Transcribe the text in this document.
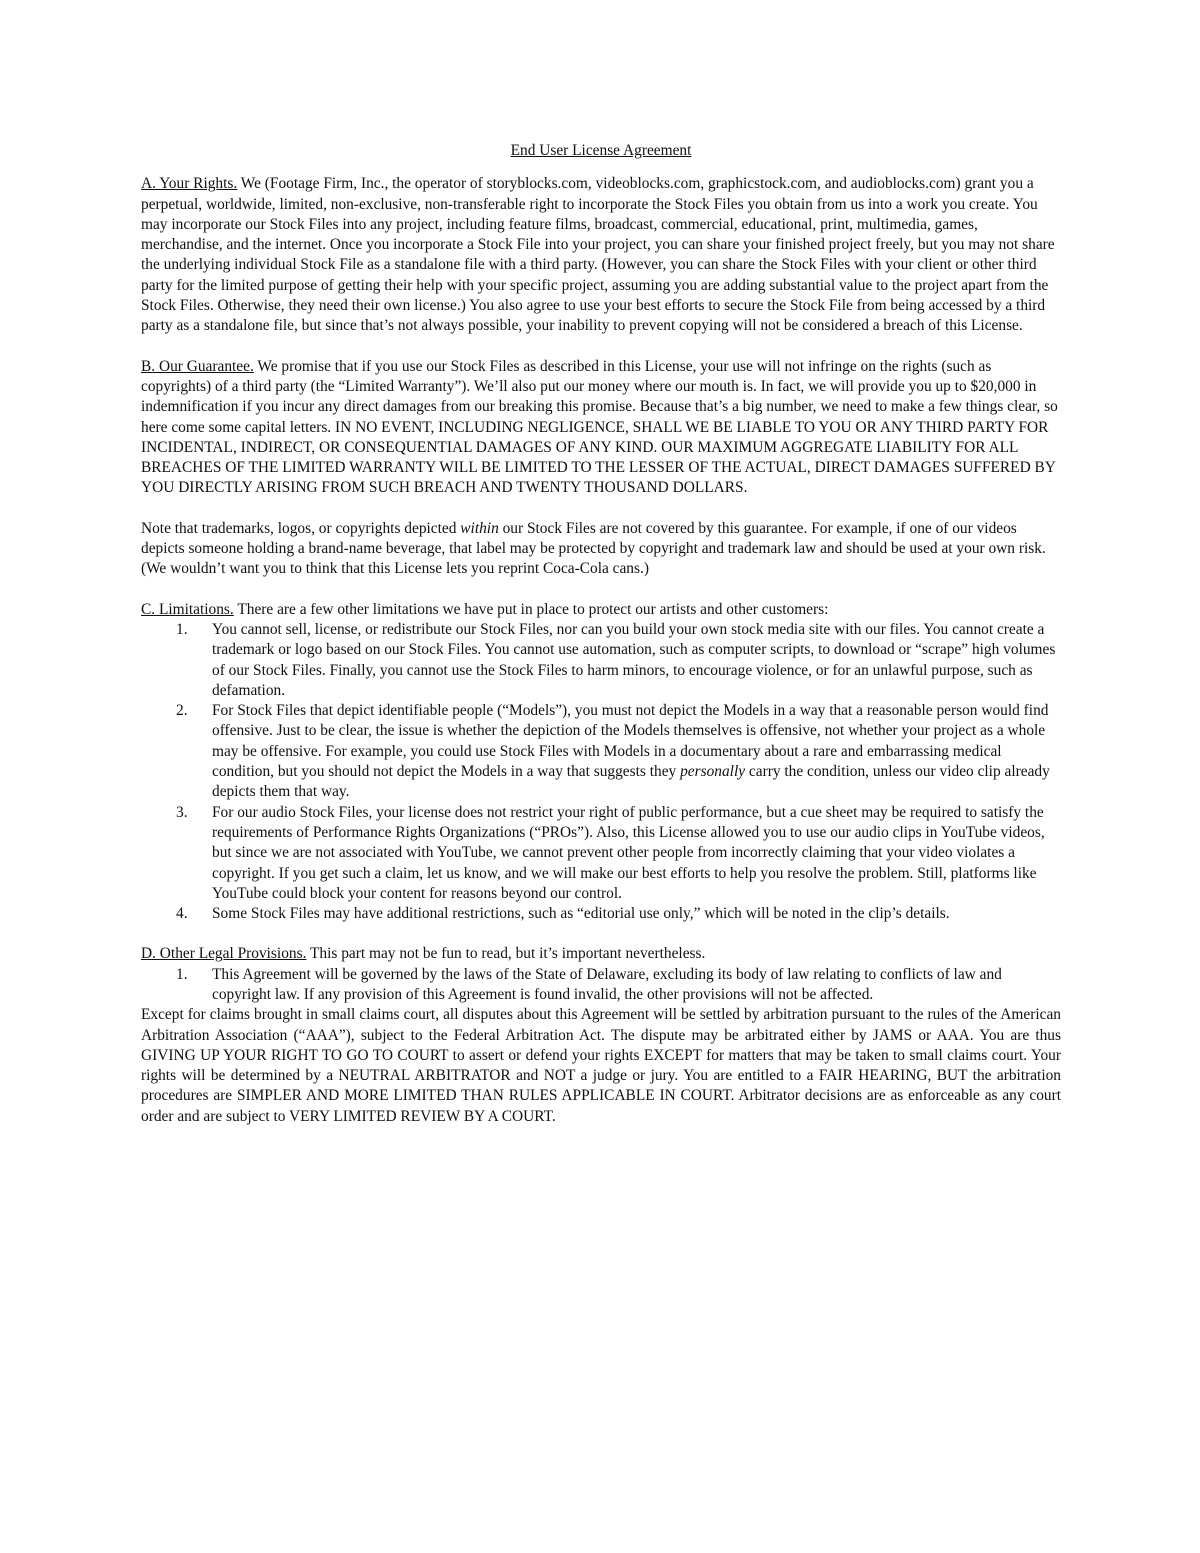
End User License Agreement

A. Your Rights. We (Footage Firm, Inc., the operator of storyblocks.com, videoblocks.com, graphicstock.com, and audioblocks.com) grant you a perpetual, worldwide, limited, non-exclusive, non-transferable right to incorporate the Stock Files you obtain from us into a work you create. You may incorporate our Stock Files into any project, including feature films, broadcast, commercial, educational, print, multimedia, games, merchandise, and the internet. Once you incorporate a Stock File into your project, you can share your finished project freely, but you may not share the underlying individual Stock File as a standalone file with a third party. (However, you can share the Stock Files with your client or other third party for the limited purpose of getting their help with your specific project, assuming you are adding substantial value to the project apart from the Stock Files. Otherwise, they need their own license.) You also agree to use your best efforts to secure the Stock File from being accessed by a third party as a standalone file, but since that’s not always possible, your inability to prevent copying will not be considered a breach of this License.

B. Our Guarantee. We promise that if you use our Stock Files as described in this License, your use will not infringe on the rights (such as copyrights) of a third party (the “Limited Warranty”). We’ll also put our money where our mouth is. In fact, we will provide you up to $20,000 in indemnification if you incur any direct damages from our breaking this promise. Because that’s a big number, we need to make a few things clear, so here come some capital letters. IN NO EVENT, INCLUDING NEGLIGENCE, SHALL WE BE LIABLE TO YOU OR ANY THIRD PARTY FOR INCIDENTAL, INDIRECT, OR CONSEQUENTIAL DAMAGES OF ANY KIND. OUR MAXIMUM AGGREGATE LIABILITY FOR ALL BREACHES OF THE LIMITED WARRANTY WILL BE LIMITED TO THE LESSER OF THE ACTUAL, DIRECT DAMAGES SUFFERED BY YOU DIRECTLY ARISING FROM SUCH BREACH AND TWENTY THOUSAND DOLLARS.

Note that trademarks, logos, or copyrights depicted within our Stock Files are not covered by this guarantee. For example, if one of our videos depicts someone holding a brand-name beverage, that label may be protected by copyright and trademark law and should be used at your own risk. (We wouldn’t want you to think that this License lets you reprint Coca-Cola cans.)

C. Limitations. There are a few other limitations we have put in place to protect our artists and other customers:
1. You cannot sell, license, or redistribute our Stock Files, nor can you build your own stock media site with our files. You cannot create a trademark or logo based on our Stock Files. You cannot use automation, such as computer scripts, to download or “scrape” high volumes of our Stock Files. Finally, you cannot use the Stock Files to harm minors, to encourage violence, or for an unlawful purpose, such as defamation.
2. For Stock Files that depict identifiable people (“Models”), you must not depict the Models in a way that a reasonable person would find offensive. Just to be clear, the issue is whether the depiction of the Models themselves is offensive, not whether your project as a whole may be offensive. For example, you could use Stock Files with Models in a documentary about a rare and embarrassing medical condition, but you should not depict the Models in a way that suggests they personally carry the condition, unless our video clip already depicts them that way.
3. For our audio Stock Files, your license does not restrict your right of public performance, but a cue sheet may be required to satisfy the requirements of Performance Rights Organizations (“PROs”). Also, this License allowed you to use our audio clips in YouTube videos, but since we are not associated with YouTube, we cannot prevent other people from incorrectly claiming that your video violates a copyright. If you get such a claim, let us know, and we will make our best efforts to help you resolve the problem. Still, platforms like YouTube could block your content for reasons beyond our control.
4. Some Stock Files may have additional restrictions, such as “editorial use only,” which will be noted in the clip’s details.
D. Other Legal Provisions. This part may not be fun to read, but it’s important nevertheless.
1. This Agreement will be governed by the laws of the State of Delaware, excluding its body of law relating to conflicts of law and copyright law. If any provision of this Agreement is found invalid, the other provisions will not be affected.
Except for claims brought in small claims court, all disputes about this Agreement will be settled by arbitration pursuant to the rules of the American Arbitration Association (“AAA”), subject to the Federal Arbitration Act. The dispute may be arbitrated either by JAMS or AAA. You are thus GIVING UP YOUR RIGHT TO GO TO COURT to assert or defend your rights EXCEPT for matters that may be taken to small claims court. Your rights will be determined by a NEUTRAL ARBITRATOR and NOT a judge or jury. You are entitled to a FAIR HEARING, BUT the arbitration procedures are SIMPLER AND MORE LIMITED THAN RULES APPLICABLE IN COURT. Arbitrator decisions are as enforceable as any court order and are subject to VERY LIMITED REVIEW BY A COURT.
